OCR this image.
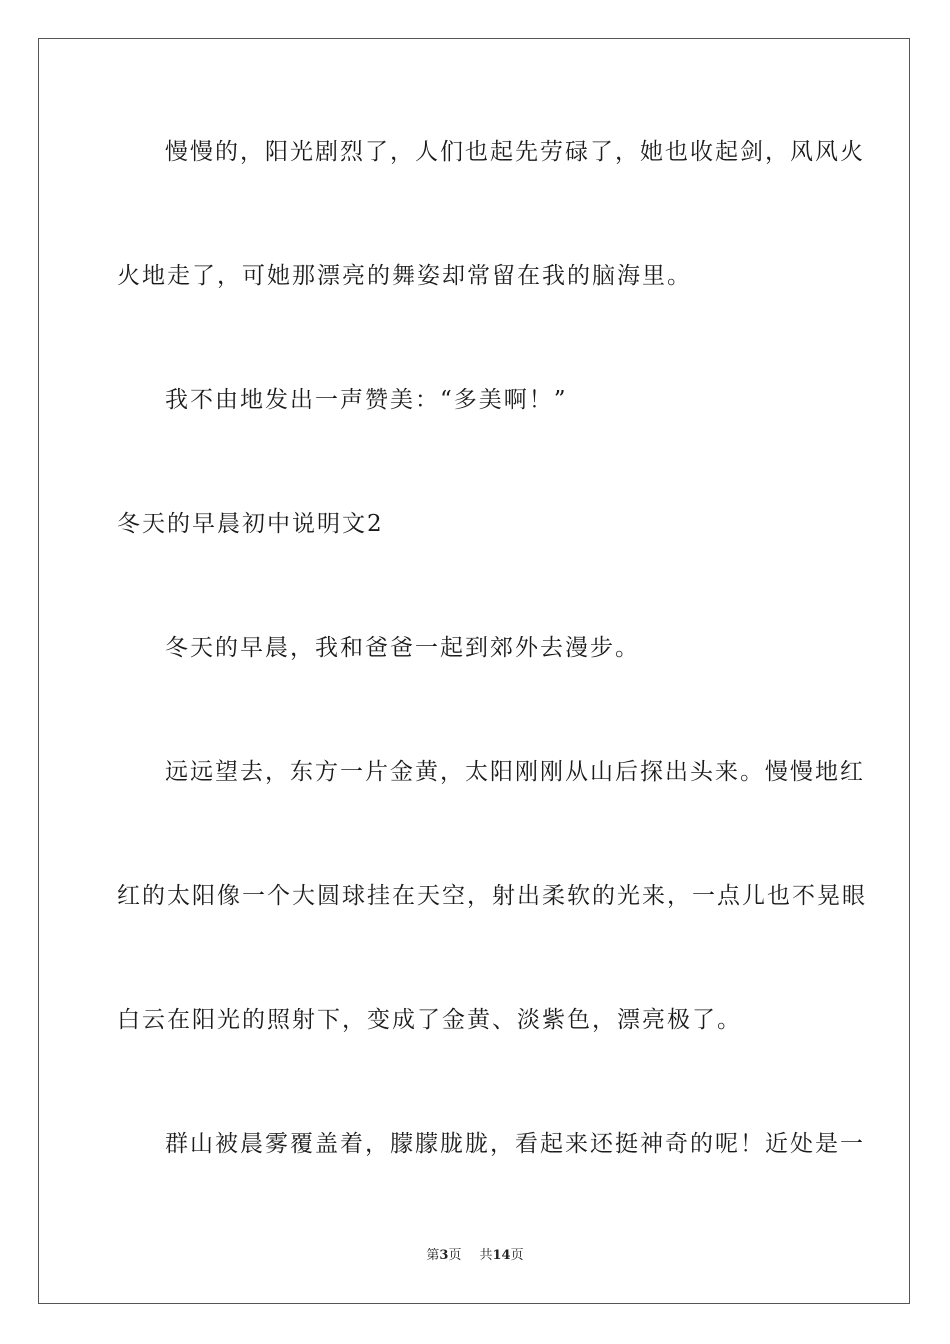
慢慢的，阳光剧烈了，人们也起先劳碌了，她也收起剑，风风火
火地走了，可她那漂亮的舞姿却常留在我的脑海里。
我不由地发出一声赞美：“多美啊！”
冬天的早晨初中说明文2
冬天的早晨，我和爸爸一起到郊外去漫步。
远远望去，东方一片金黄，太阳刚刚从山后探出头来。慢慢地红
红的太阳像一个大圆球挂在天空，射出柔软的光来，一点儿也不晃眼
白云在阳光的照射下，变成了金黄、淡紫色，漂亮极了。
群山被晨雾覆盖着，朦朦胧胧，看起来还挺神奇的呢！近处是一
第3页 共14页
